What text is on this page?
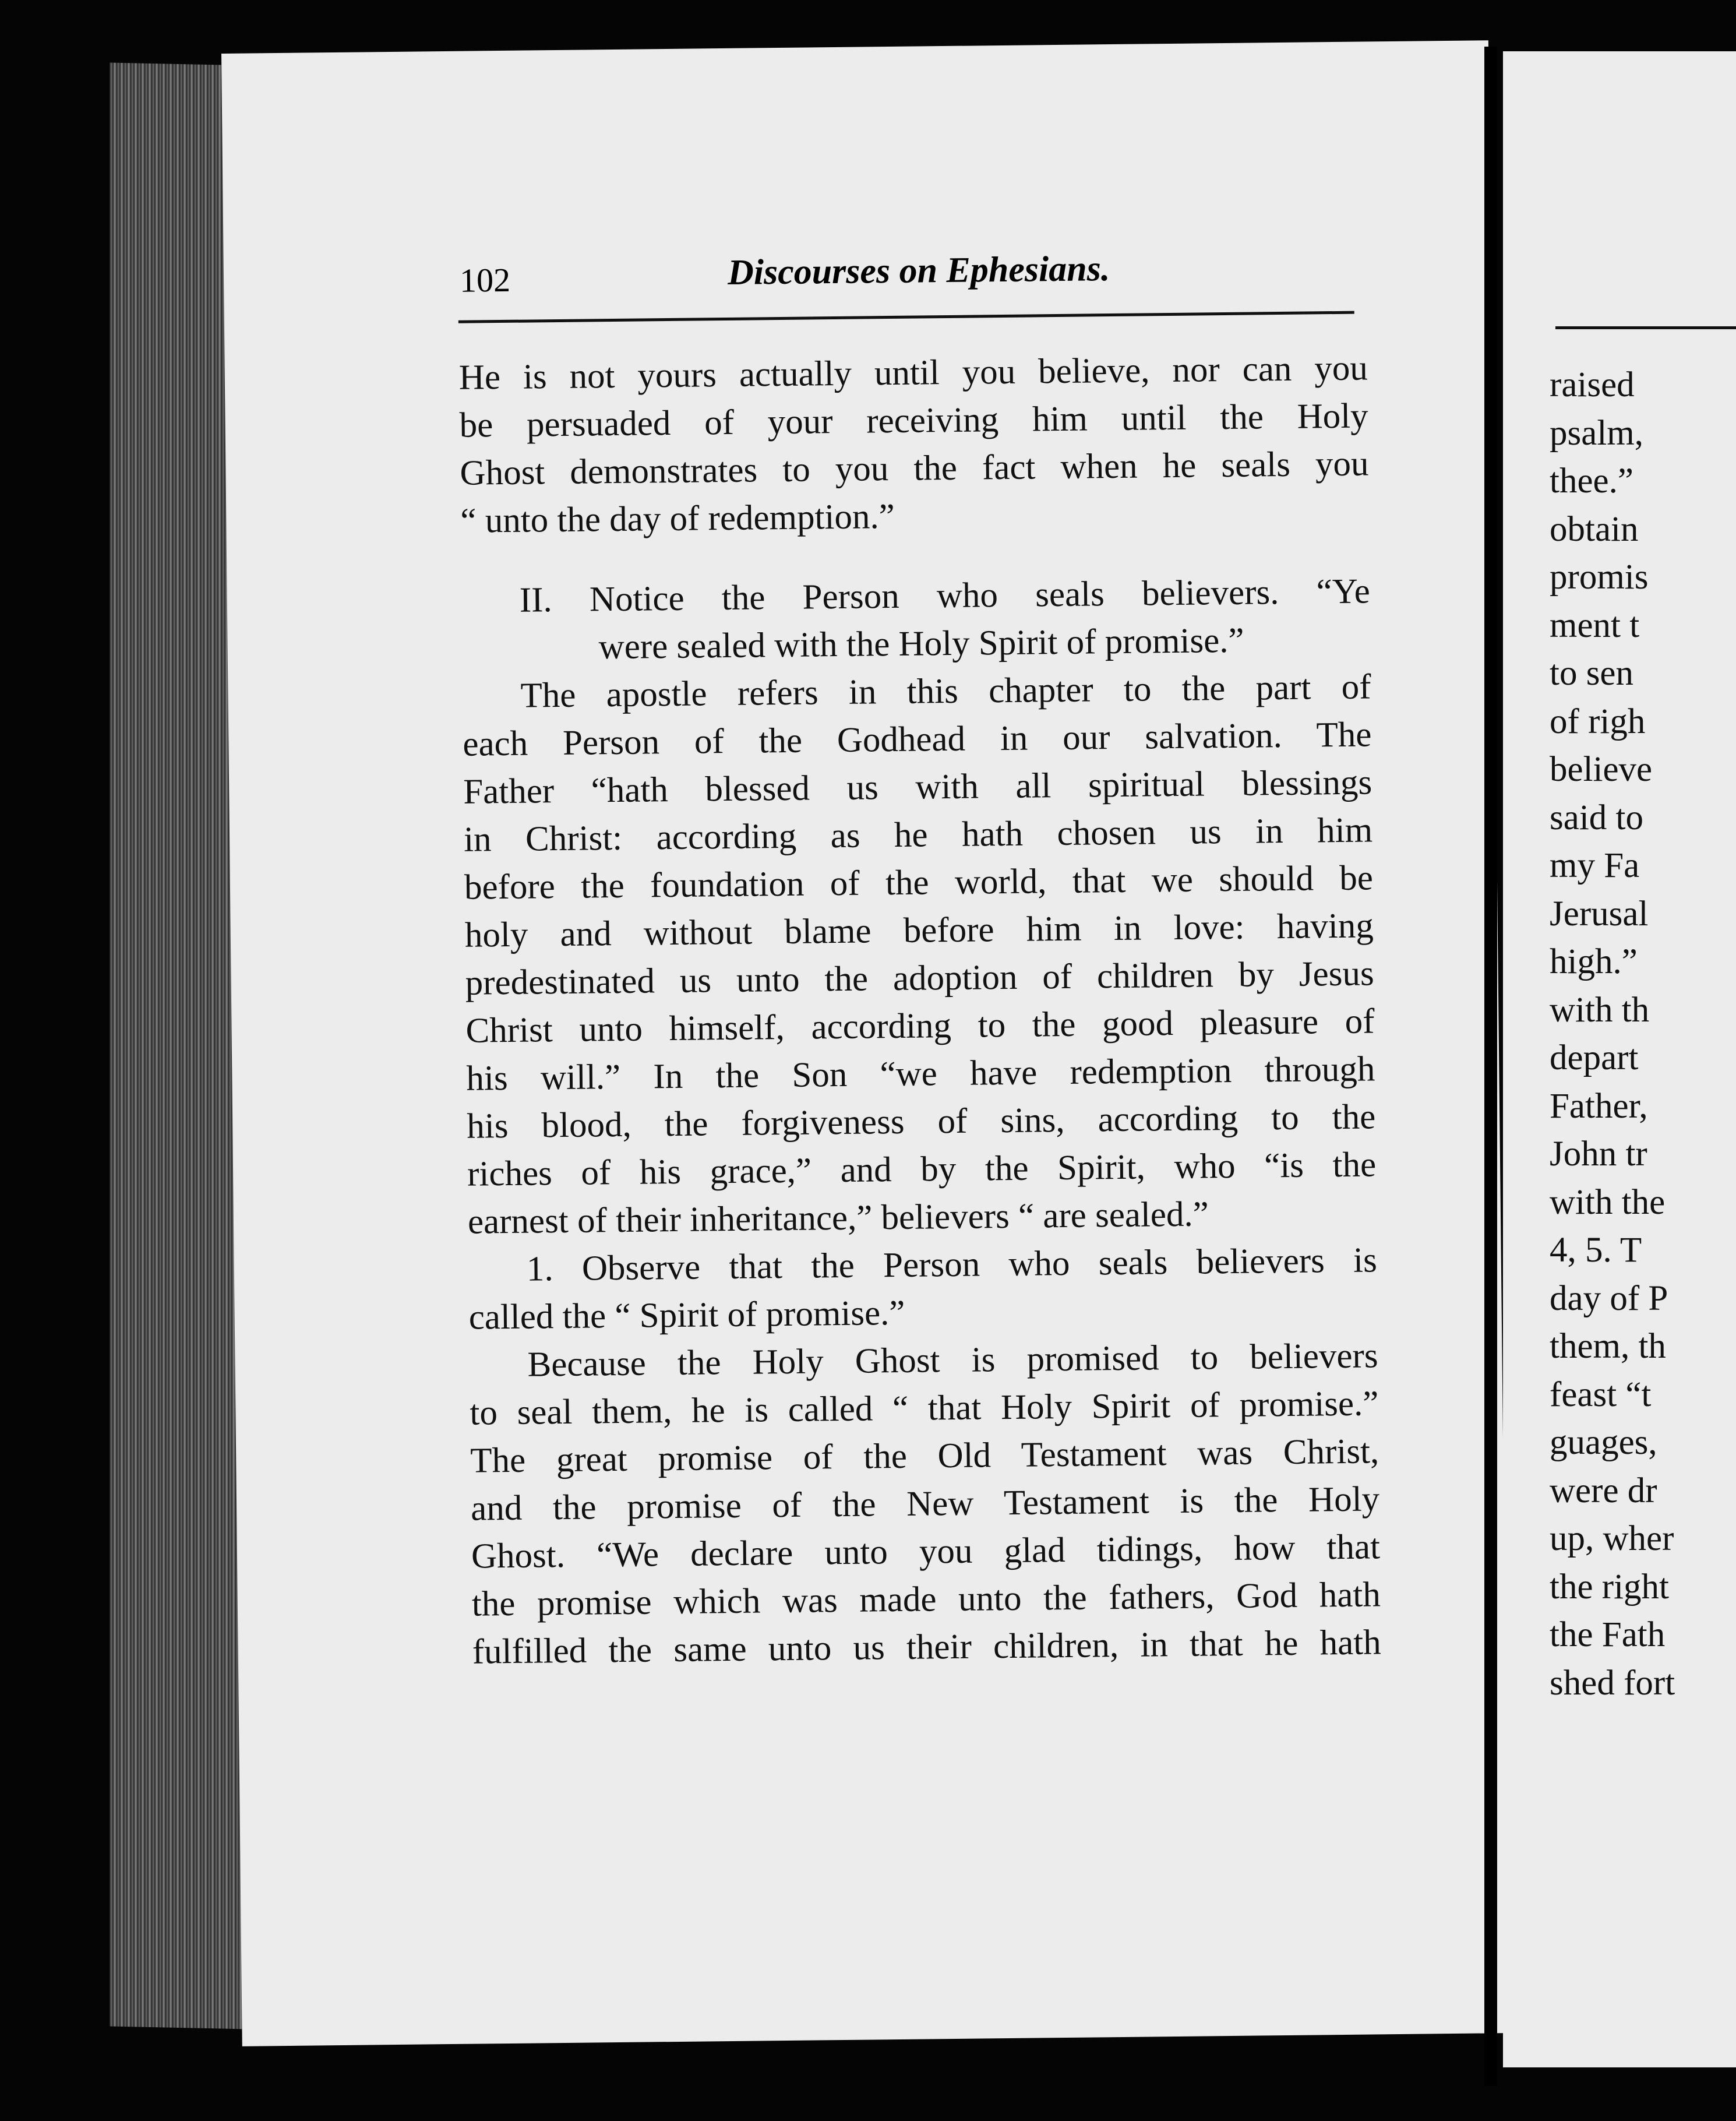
102	Discourses on Ephesians.
He is not yours actually until you believe, nor can you
be persuaded of your receiving him until the Holy
Ghost demonstrates to you the fact when he seals you
“ unto the day of redemption.”
II. Notice the Person who seals believers. “Ye
were sealed with the Holy Spirit of promise.”
The apostle refers in this chapter to the part of
each Person of the Godhead in our salvation. The
Father “hath blessed us with all spiritual blessings
in Christ: according as he hath chosen us in him
before the foundation of the world, that we should be
holy and without blame before him in love: having
predestinated us unto the adoption of children by Jesus
Christ unto himself, according to the good pleasure of
his will.” In the Son “we have redemption through
his blood, the forgiveness of sins, according to the
riches of his grace,” and by the Spirit, who “is the
earnest of their inheritance,” believers “ are sealed.”
1. Observe that the Person who seals believers is
called the “ Spirit of promise.”
Because the Holy Ghost is promised to believers
to seal them, he is called “ that Holy Spirit of promise.”
The great promise of the Old Testament was Christ,
and the promise of the New Testament is the Holy
Ghost. “We declare unto you glad tidings, how that
the promise which was made unto the fathers, God hath
fulfilled the same unto us their children, in that he hath
raised
psalm,
thee.”
obtain
promis
ment t
to sen
of righ
believe
said to
my Fa
Jerusal
high.”
with th
depart
Father,
John tr
with the
4, 5. T
day of P
them, th
feast “t
guages,
were dr
up, wher
the right
the Fath
shed fort
